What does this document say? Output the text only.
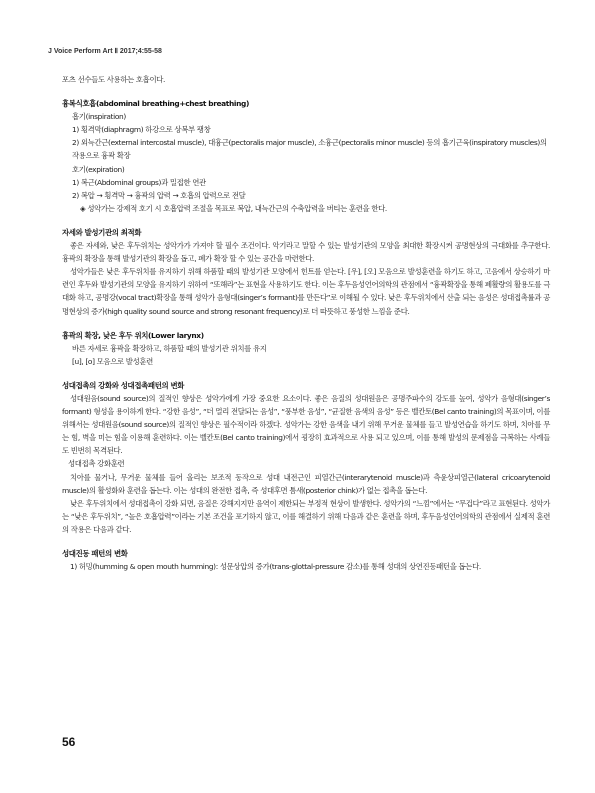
J Voice Perform Art Ⅱ 2017;4:55-58

포츠 선수들도 사용하는 호흡이다.

흉복식호흡(abdominal breathing+chest breathing)

흡기(inspiration)

1) 횡격막(diaphragm) 하강으로 상복부 팽창

2) 외늑간근(external intercostal muscle), 대흉근(pectoralis major muscle), 소흉근(pectoralis minor muscle) 등의 흡기근육(inspiratory muscles)의 작용으로 흉곽 확장

호기(expiration)

1) 복근(Abdominal groups)과 밀접한 연관

2) 복압 → 횡격막 → 흉곽의 압력 → 호흡의 압력으로 전달

◈ 성악가는 강제적 호기 시 호흡압력 조절을 목표로 복압, 내늑간근의 수축압력을 버티는 훈련을 한다.

자세와 발성기관의 최적화

좋은 자세와, 낮은 후두위치는 성악가가 가져야 할 필수 조건이다. 악기라고 말할 수 있는 발성기관의 모양을 최대한 확장시켜 공명현상의 극대화를 추구한다. 흉곽의 확장을 통해 발성기관의 확장을 돕고, 폐가 확장 할 수 있는 공간을 마련한다.

성악가들은 낮은 후두위치를 유지하기 위해 하품할 때의 발성기관 모양에서 힌트를 얻는다. [우], [오] 모음으로 발성훈련을 하기도 하고, 고음에서 상승하기 마련인 후두와 발성기관의 모양을 유지하기 위하여 “또해라”는 표현을 사용하기도 한다. 이는 후두음성언어의학의 관점에서 “흉곽확장을 통해 폐활량의 활용도를 극대화 하고, 공명강(vocal tract)확장을 통해 성악가 음형대(singer’s formant)를 만든다”로 이해될 수 있다. 낮은 후두위치에서 산출 되는 음성은 성대접촉률과 공명현상의 증가(high quality sound source and strong resonant frequency)로 더 따뜻하고 풍성한 느낌을 준다.

흉곽의 확장, 낮은 후두 위치(Lower larynx)

바른 자세로 흉곽을 확장하고, 하품할 때의 발성기관 위치를 유지

[u], [o] 모음으로 발성훈련

성대접촉의 강화와 성대접촉패턴의 변화

성대원음(sound source)의 질적인 향상은 성악가에게 가장 중요한 요소이다. 좋은 음질의 성대원음은 공명주파수의 강도를 높여, 성악가 음형대(singer’s formant) 형성을 용이하게 한다. “강한 음성”, “더 멀리 전달되는 음성”, “풍부한 음성”, “균질한 음색의 음성” 등은 벨칸토(Bel canto training)의 목표이며, 이를 위해서는 성대원음(sound source)의 질적인 향상은 필수적이라 하겠다. 성악가는 강한 음색을 내기 위해 무거운 물체를 들고 발성연습을 하기도 하며, 치아를 무는 힘, 벽을 미는 힘을 이용해 훈련하다. 이는 벨칸토(Bel canto training)에서 굉장히 효과적으로 사용 되고 있으며, 이를 통해 발성의 문제점을 극복하는 사례들도 빈번히 목격된다.

성대접촉 강화훈련

치아를 물거나, 무거운 물체를 들어 올리는 보조적 동작으로 성대 내전근인 피열간근(interarytenoid muscle)과 측윤상피열근(lateral cricoarytenoid muscle)의 활성화와 훈련을 돕는다. 이는 성대의 완전한 접촉, 즉 성대후면 틈새(posterior chink)가 없는 접촉을 돕는다.

낮은 후두위치에서 성대접촉이 강화 되면, 음질은 강해지지만 음역이 제한되는 부정적 현상이 발생한다. 성악가의 “느낌”에서는 “무겁다”라고 표현된다. 성악가는 “낮은 후두위치”, “높은 호흡압력”이라는 기본 조건을 포기하지 않고, 이를 해결하기 위해 다음과 같은 훈련을 하며, 후두음성언어의학의 관점에서 실제적 훈련의 작용은 다음과 같다.

성대진동 패턴의 변화

1) 허밍(humming & open mouth humming): 성문상압의 증가(trans-glottal-pressure 감소)를 통해 성대의 상연진동패턴을 돕는다.

56
